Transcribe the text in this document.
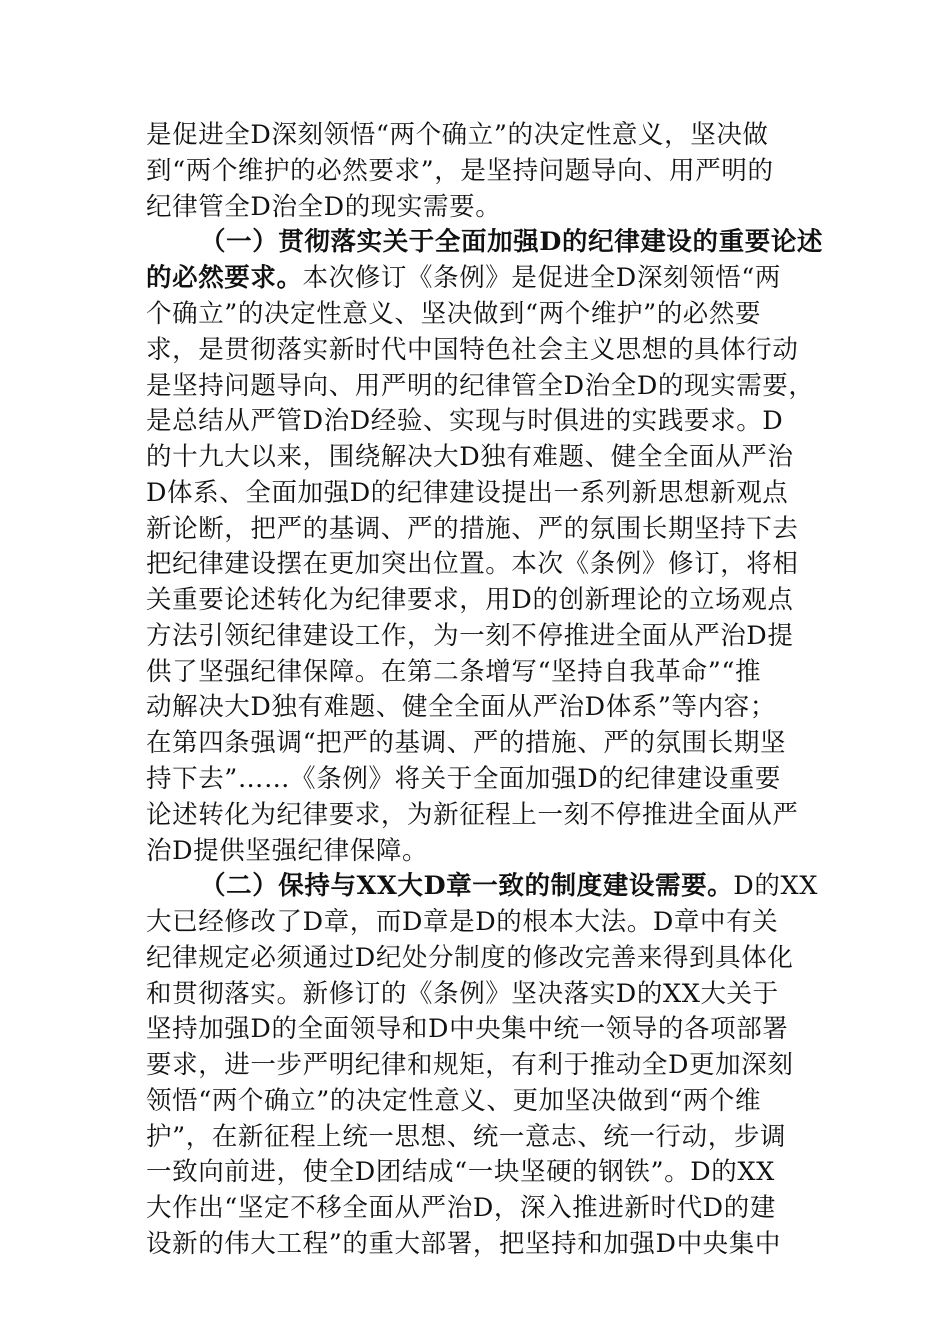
是促进全D深刻领悟“两个确立”的决定性意义，坚决做
到“两个维护的必然要求”，是坚持问题导向、用严明的
纪律管全D治全D的现实需要。
（一）贯彻落实关于全面加强D的纪律建设的重要论述
的必然要求。本次修订《条例》是促进全D深刻领悟“两
个确立”的决定性意义、坚决做到“两个维护”的必然要
求，是贯彻落实新时代中国特色社会主义思想的具体行动
是坚持问题导向、用严明的纪律管全D治全D的现实需要，
是总结从严管D治D经验、实现与时俱进的实践要求。D
的十九大以来，围绕解决大D独有难题、健全全面从严治
D体系、全面加强D的纪律建设提出一系列新思想新观点
新论断，把严的基调、严的措施、严的氛围长期坚持下去
把纪律建设摆在更加突出位置。本次《条例》修订，将相
关重要论述转化为纪律要求，用D的创新理论的立场观点
方法引领纪律建设工作，为一刻不停推进全面从严治D提
供了坚强纪律保障。在第二条增写“坚持自我革命”“推
动解决大D独有难题、健全全面从严治D体系”等内容；
在第四条强调“把严的基调、严的措施、严的氛围长期坚
持下去”……《条例》将关于全面加强D的纪律建设重要
论述转化为纪律要求，为新征程上一刻不停推进全面从严
治D提供坚强纪律保障。
（二）保持与XX大D章一致的制度建设需要。D的XX
大已经修改了D章，而D章是D的根本大法。D章中有关
纪律规定必须通过D纪处分制度的修改完善来得到具体化
和贯彻落实。新修订的《条例》坚决落实D的XX大关于
坚持加强D的全面领导和D中央集中统一领导的各项部署
要求，进一步严明纪律和规矩，有利于推动全D更加深刻
领悟“两个确立”的决定性意义、更加坚决做到“两个维
护”，在新征程上统一思想、统一意志、统一行动，步调
一致向前进，使全D团结成“一块坚硬的钢铁”。D的XX
大作出“坚定不移全面从严治D，深入推进新时代D的建
设新的伟大工程”的重大部署，把坚持和加强D中央集中
